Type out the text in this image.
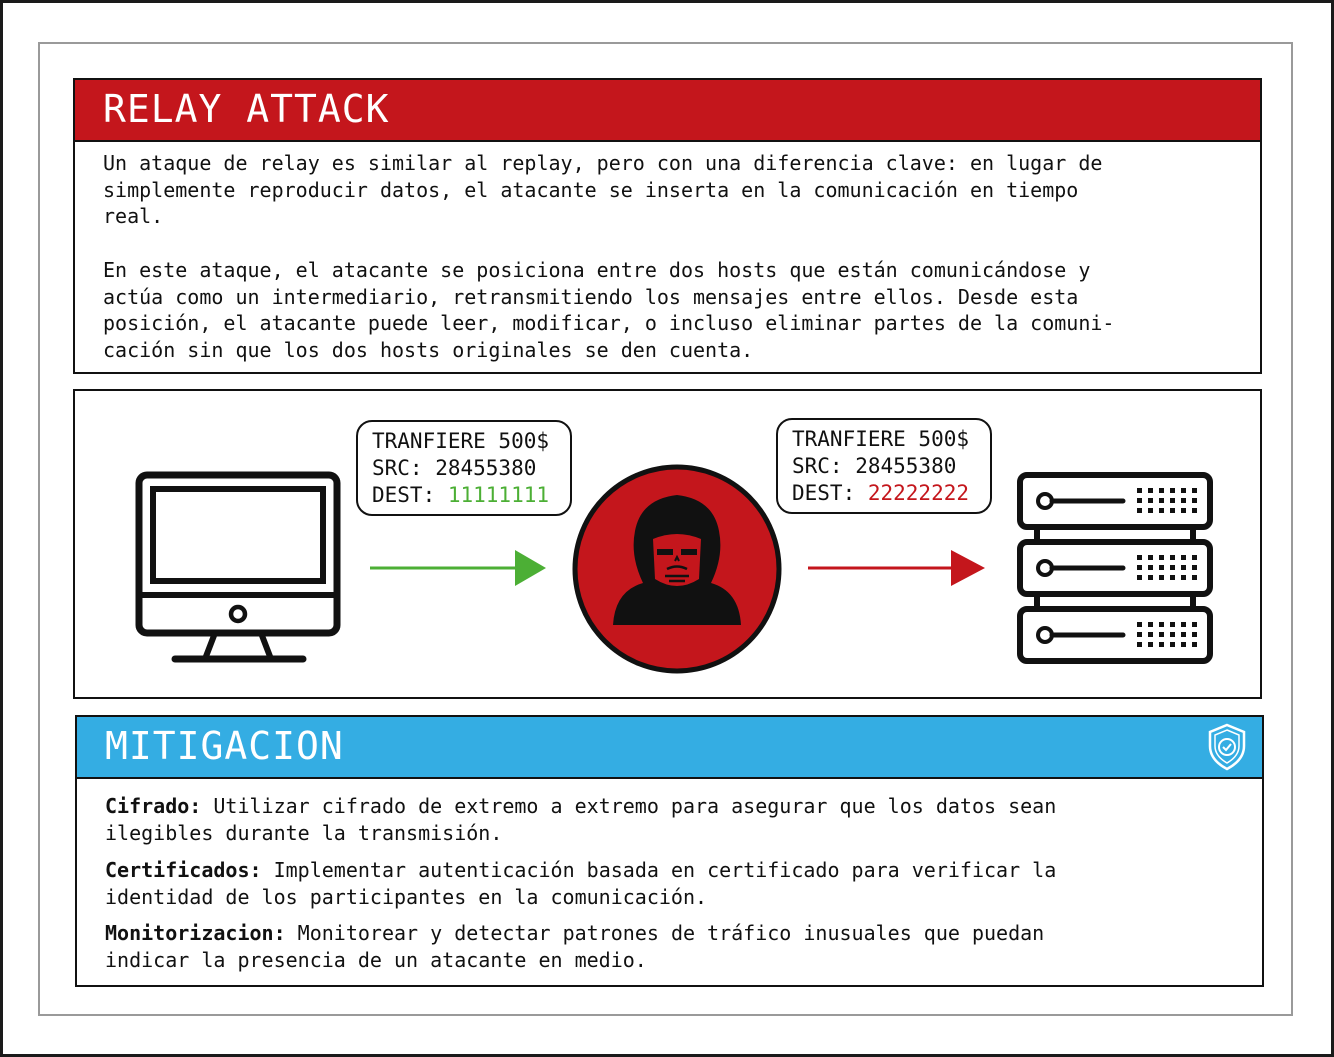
RELAY ATTACK
Un ataque de relay es similar al replay, pero con una diferencia clave: en lugar de
simplemente reproducir datos, el atacante se inserta en la comunicación en tiempo
real.
En este ataque, el atacante se posiciona entre dos hosts que están comunicándose y
actúa como un intermediario, retransmitiendo los mensajes entre ellos. Desde esta
posición, el atacante puede leer, modificar, o incluso eliminar partes de la comuni-
cación sin que los dos hosts originales se den cuenta.
TRANFIERE 500$
SRC: 28455380
DEST: 11111111
TRANFIERE 500$
SRC: 28455380
DEST: 22222222
MITIGACION
Cifrado: Utilizar cifrado de extremo a extremo para asegurar que los datos sean
ilegibles durante la transmisión.
Certificados: Implementar autenticación basada en certificado para verificar la
identidad de los participantes en la comunicación.
Monitorizacion: Monitorear y detectar patrones de tráfico inusuales que puedan
indicar la presencia de un atacante en medio.
